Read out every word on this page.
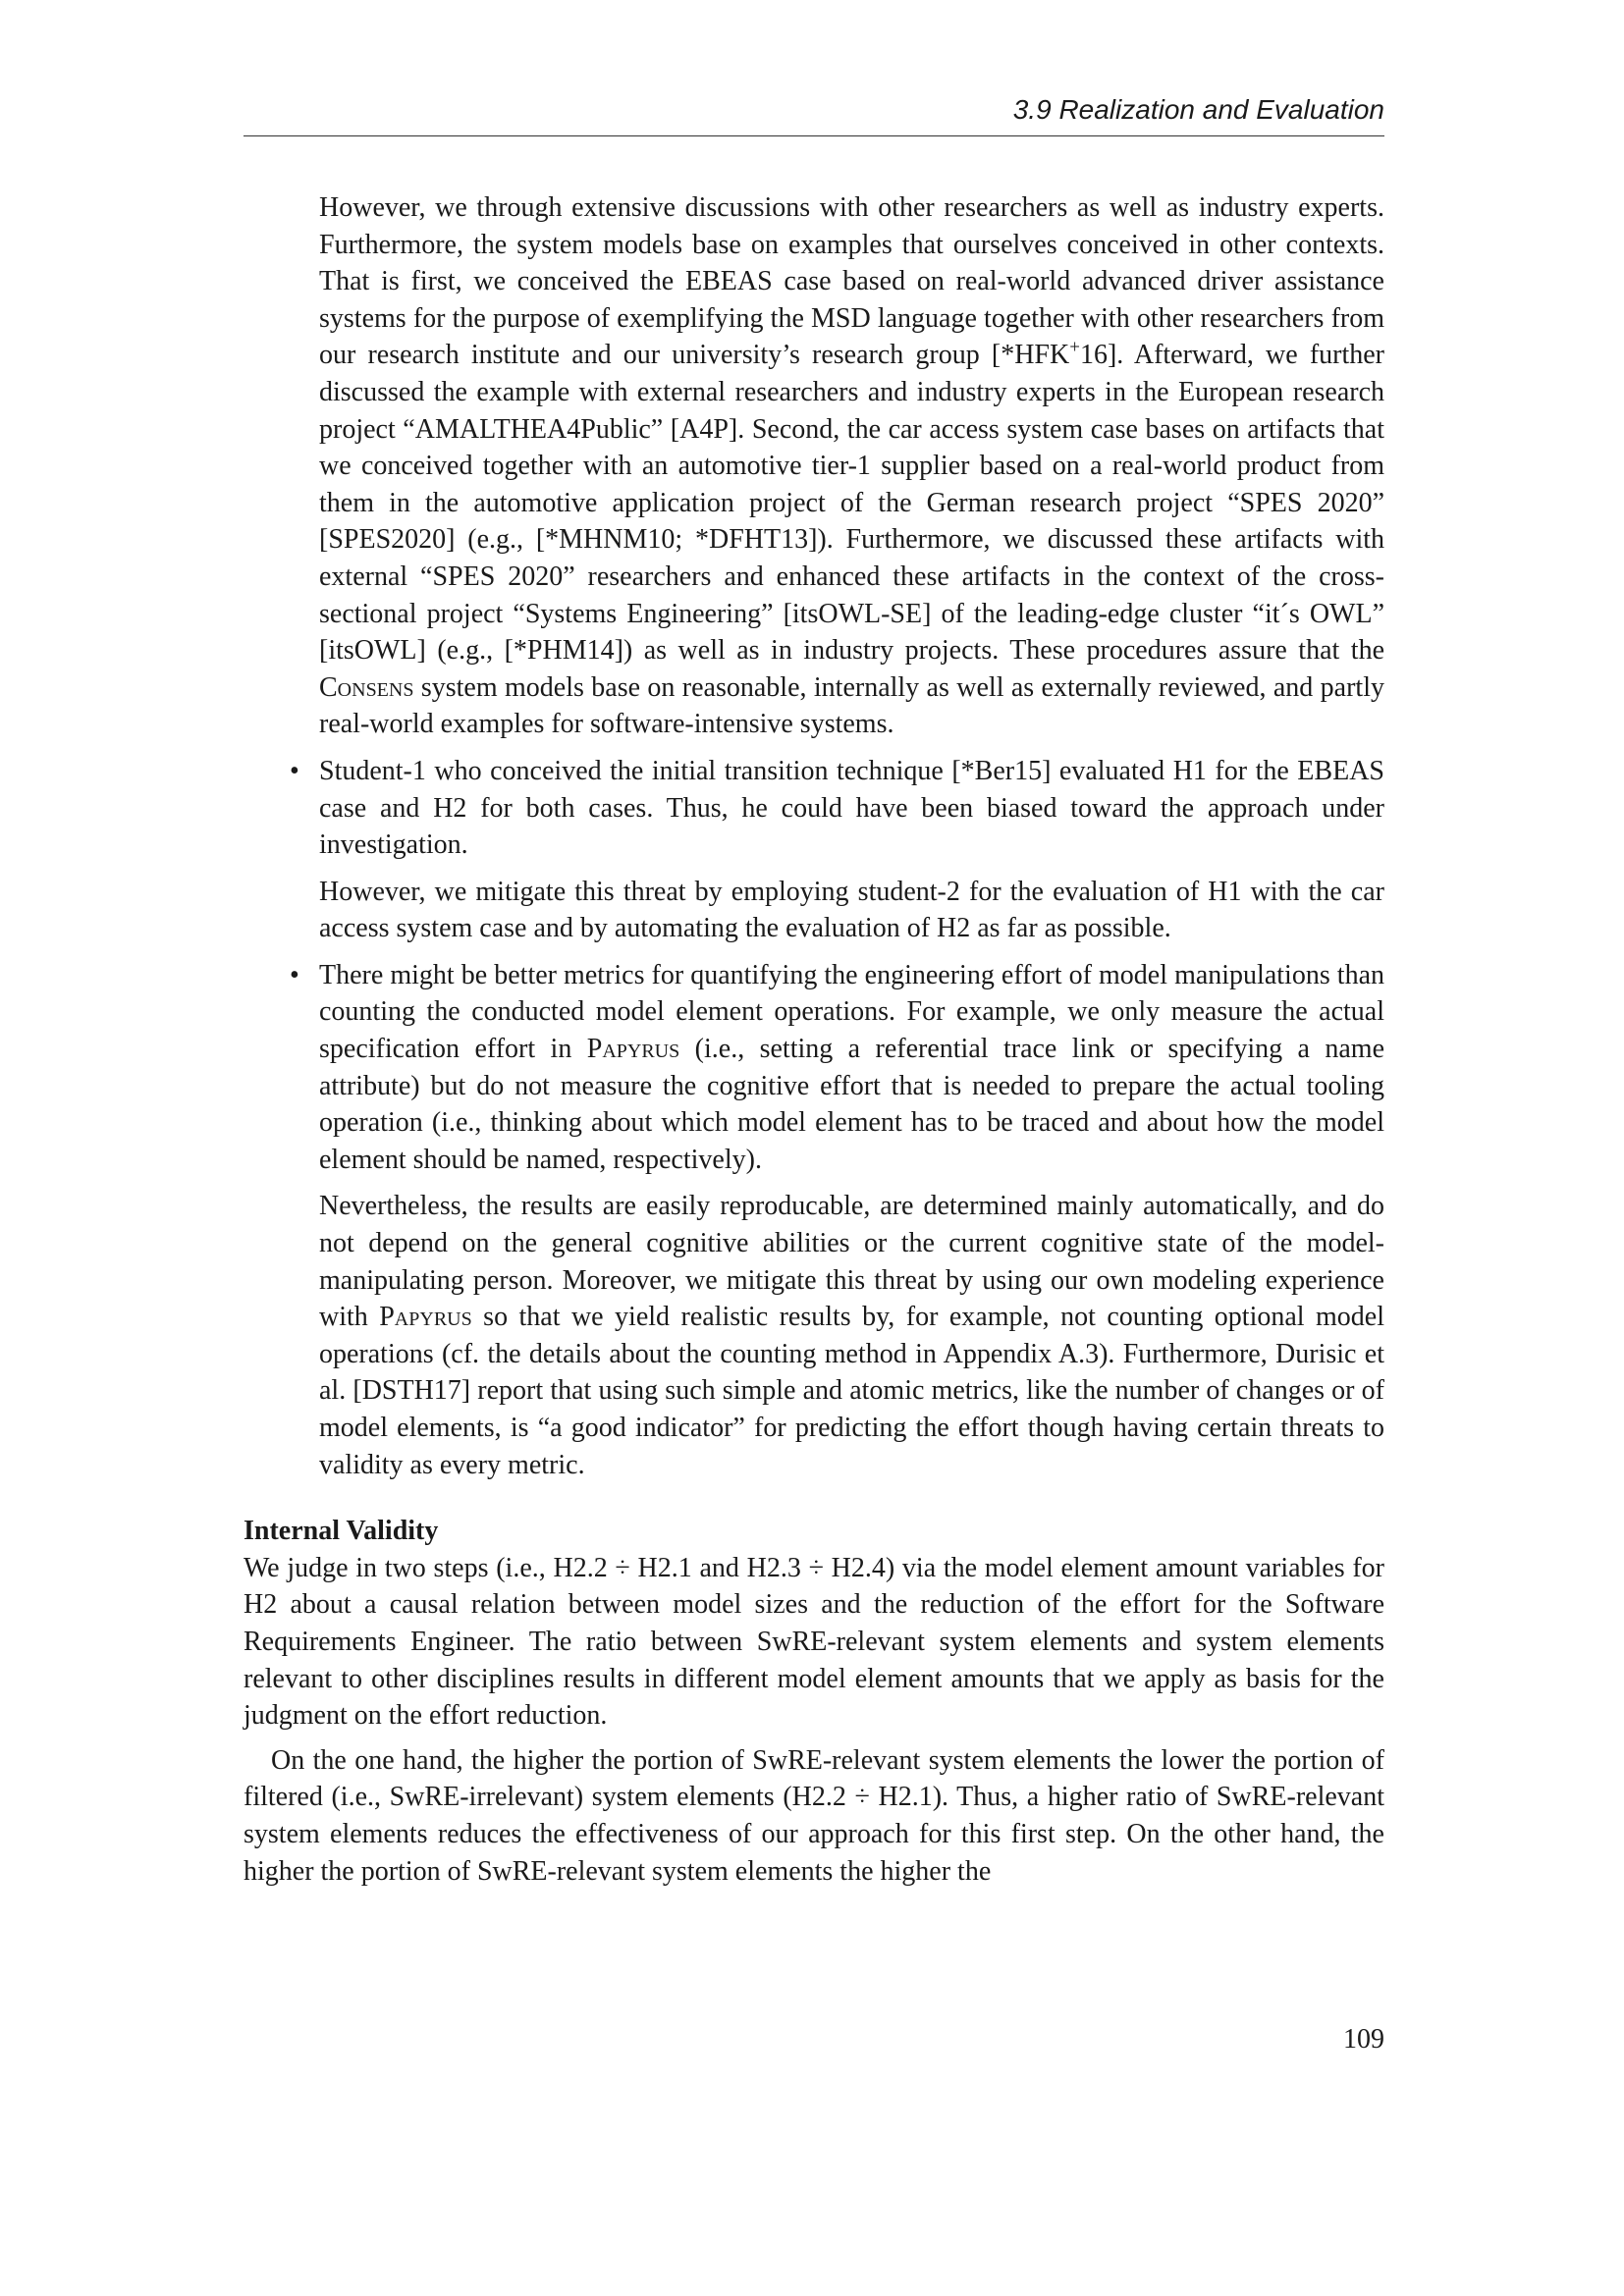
3.9 Realization and Evaluation

However, we through extensive discussions with other researchers as well as industry experts. Furthermore, the system models base on examples that ourselves conceived in other contexts. That is first, we conceived the EBEAS case based on real-world advanced driver assistance systems for the purpose of exemplifying the MSD language together with other researchers from our research institute and our university’s research group [*HFK+16]. Afterward, we further discussed the example with external researchers and industry experts in the European research project “AMALTHEA4Public” [A4P]. Second, the car access system case bases on artifacts that we conceived together with an automotive tier-1 supplier based on a real-world product from them in the automotive application project of the German research project “SPES 2020” [SPES2020] (e.g., [*MHNM10; *DFHT13]). Furthermore, we discussed these artifacts with external “SPES 2020” researchers and enhanced these artifacts in the context of the cross-sectional project “Systems Engineering” [itsOWL-SE] of the leading-edge cluster “it´s OWL” [itsOWL] (e.g., [*PHM14]) as well as in industry projects. These procedures assure that the Consens system models base on reasonable, internally as well as externally reviewed, and partly real-world examples for software-intensive systems.

• Student-1 who conceived the initial transition technique [*Ber15] evaluated H1 for the EBEAS case and H2 for both cases. Thus, he could have been biased toward the approach under investigation.

However, we mitigate this threat by employing student-2 for the evaluation of H1 with the car access system case and by automating the evaluation of H2 as far as possible.

• There might be better metrics for quantifying the engineering effort of model manipulations than counting the conducted model element operations. For example, we only measure the actual specification effort in Papyrus (i.e., setting a referential trace link or specifying a name attribute) but do not measure the cognitive effort that is needed to prepare the actual tooling operation (i.e., thinking about which model element has to be traced and about how the model element should be named, respectively).

Nevertheless, the results are easily reproducable, are determined mainly automatically, and do not depend on the general cognitive abilities or the current cognitive state of the model-manipulating person. Moreover, we mitigate this threat by using our own modeling experience with Papyrus so that we yield realistic results by, for example, not counting optional model operations (cf. the details about the counting method in Appendix A.3). Furthermore, Durisic et al. [DSTH17] report that using such simple and atomic metrics, like the number of changes or of model elements, is “a good indicator” for predicting the effort though having certain threats to validity as every metric.

Internal Validity

We judge in two steps (i.e., H2.2 ÷ H2.1 and H2.3 ÷ H2.4) via the model element amount variables for H2 about a causal relation between model sizes and the reduction of the effort for the Software Requirements Engineer. The ratio between SwRE-relevant system elements and system elements relevant to other disciplines results in different model element amounts that we apply as basis for the judgment on the effort reduction.

On the one hand, the higher the portion of SwRE-relevant system elements the lower the portion of filtered (i.e., SwRE-irrelevant) system elements (H2.2 ÷ H2.1). Thus, a higher ratio of SwRE-relevant system elements reduces the effectiveness of our approach for this first step. On the other hand, the higher the portion of SwRE-relevant system elements the higher the

109
